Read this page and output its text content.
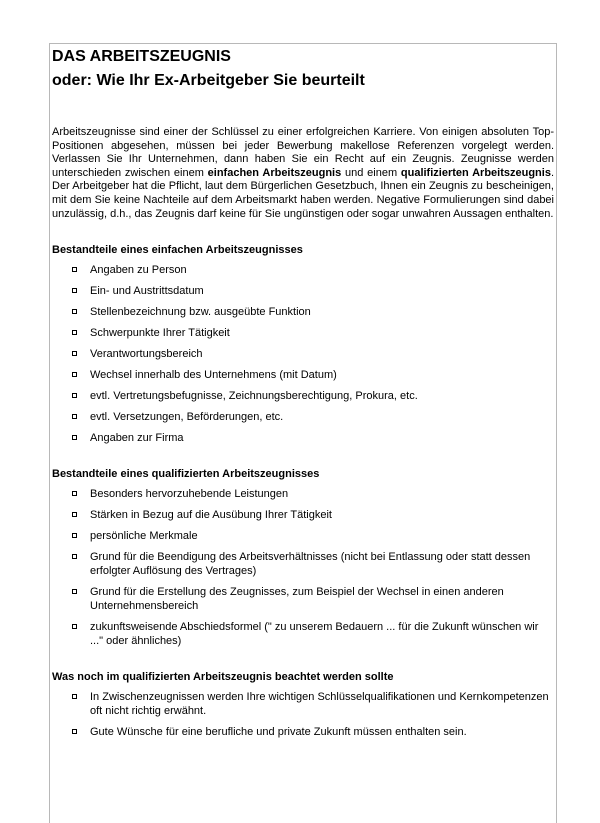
DAS ARBEITSZEUGNIS
oder: Wie Ihr Ex-Arbeitgeber Sie beurteilt
Arbeitszeugnisse sind einer der Schlüssel zu einer erfolgreichen Karriere. Von einigen absoluten Top-Positionen abgesehen, müssen bei jeder Bewerbung makellose Referenzen vorgelegt werden. Verlassen Sie Ihr Unternehmen, dann haben Sie ein Recht auf ein Zeugnis. Zeugnisse werden unterschieden zwischen einem einfachen Arbeitszeugnis und einem qualifizierten Arbeitszeugnis. Der Arbeitgeber hat die Pflicht, laut dem Bürgerlichen Gesetzbuch, Ihnen ein Zeugnis zu bescheinigen, mit dem Sie keine Nachteile auf dem Arbeitsmarkt haben werden. Negative Formulierungen sind dabei unzulässig, d.h., das Zeugnis darf keine für Sie ungünstigen oder sogar unwahren Aussagen enthalten.
Bestandteile eines einfachen Arbeitszeugnisses
Angaben zu Person
Ein- und Austrittsdatum
Stellenbezeichnung bzw. ausgeübte Funktion
Schwerpunkte Ihrer Tätigkeit
Verantwortungsbereich
Wechsel innerhalb des Unternehmens (mit Datum)
evtl. Vertretungsbefugnisse, Zeichnungsberechtigung, Prokura, etc.
evtl. Versetzungen, Beförderungen, etc.
Angaben zur Firma
Bestandteile eines qualifizierten Arbeitszeugnisses
Besonders hervorzuhebende Leistungen
Stärken in Bezug auf die Ausübung Ihrer Tätigkeit
persönliche Merkmale
Grund für die Beendigung des Arbeitsverhältnisses (nicht bei Entlassung oder statt dessen erfolgter Auflösung des Vertrages)
Grund für die Erstellung des Zeugnisses, zum Beispiel der Wechsel in einen anderen Unternehmensbereich
zukunftsweisende Abschiedsformel (" zu unserem Bedauern ... für die Zukunft wünschen wir ..." oder ähnliches)
Was noch im qualifizierten Arbeitszeugnis beachtet werden sollte
In Zwischenzeugnissen werden Ihre wichtigen Schlüsselqualifikationen und Kernkompetenzen oft nicht richtig erwähnt.
Gute Wünsche für eine berufliche und private Zukunft müssen enthalten sein.
